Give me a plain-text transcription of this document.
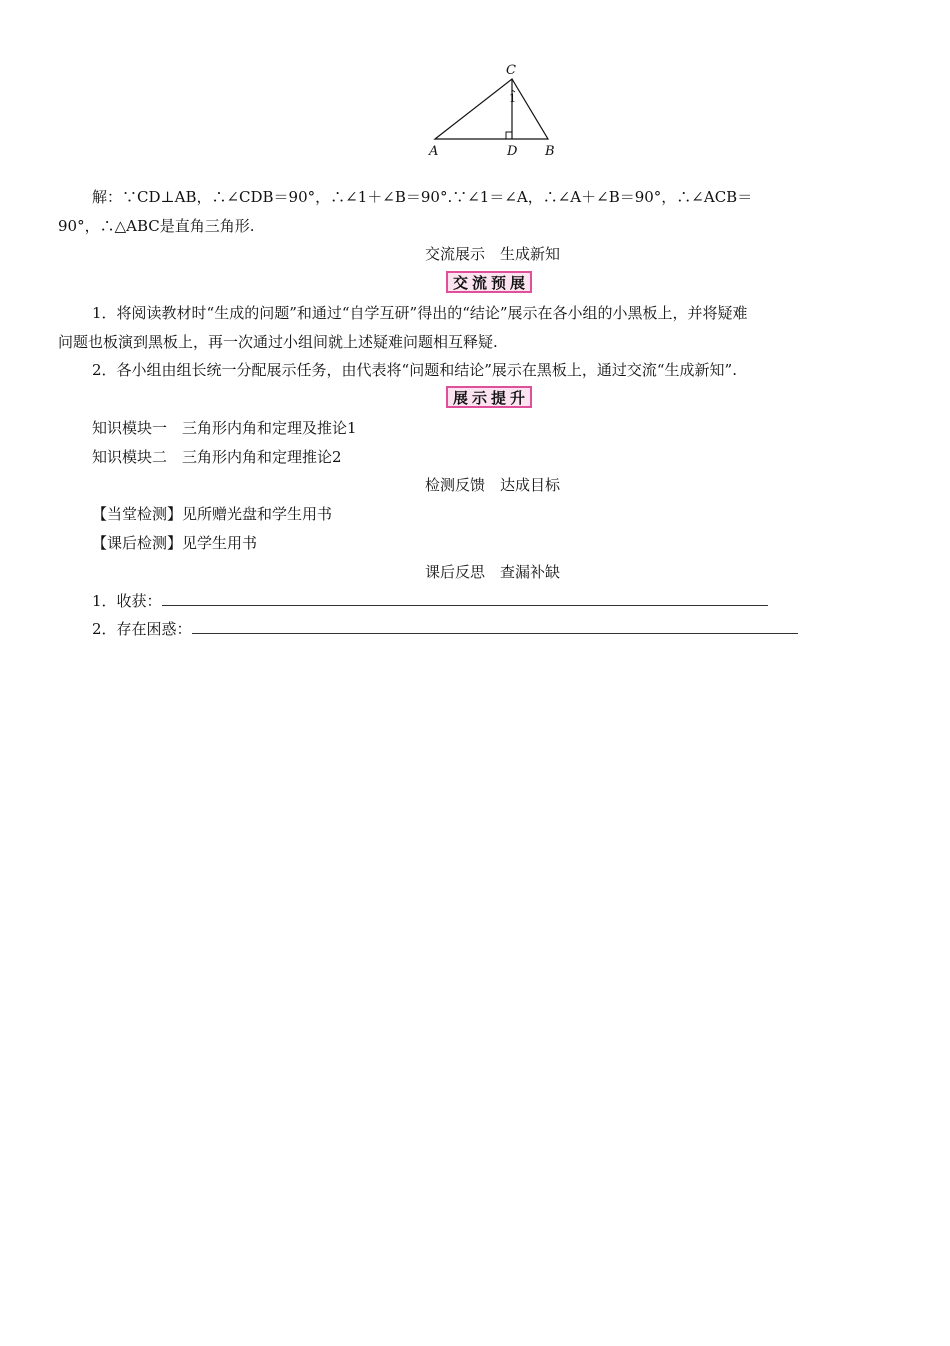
C
1
A	D B
解：∵CD⊥AB，∴∠CDB＝90°，∴∠1＋∠B＝90°.∵∠1＝∠A，∴∠A＋∠B＝90°，∴∠ACB＝
90°，∴△ABC是直角三角形.
交流展示　生成新知
交流预展
1．将阅读教材时“生成的问题”和通过“自学互研”得出的“结论”展示在各小组的小黑板上，并将疑难
问题也板演到黑板上，再一次通过小组间就上述疑难问题相互释疑.
2．各小组由组长统一分配展示任务，由代表将“问题和结论”展示在黑板上，通过交流“生成新知”.
展示提升
知识模块一　三角形内角和定理及推论1
知识模块二　三角形内角和定理推论2
检测反馈　达成目标
【当堂检测】见所赠光盘和学生用书
【课后检测】见学生用书
课后反思　查漏补缺
1．收获：
2．存在困惑：
